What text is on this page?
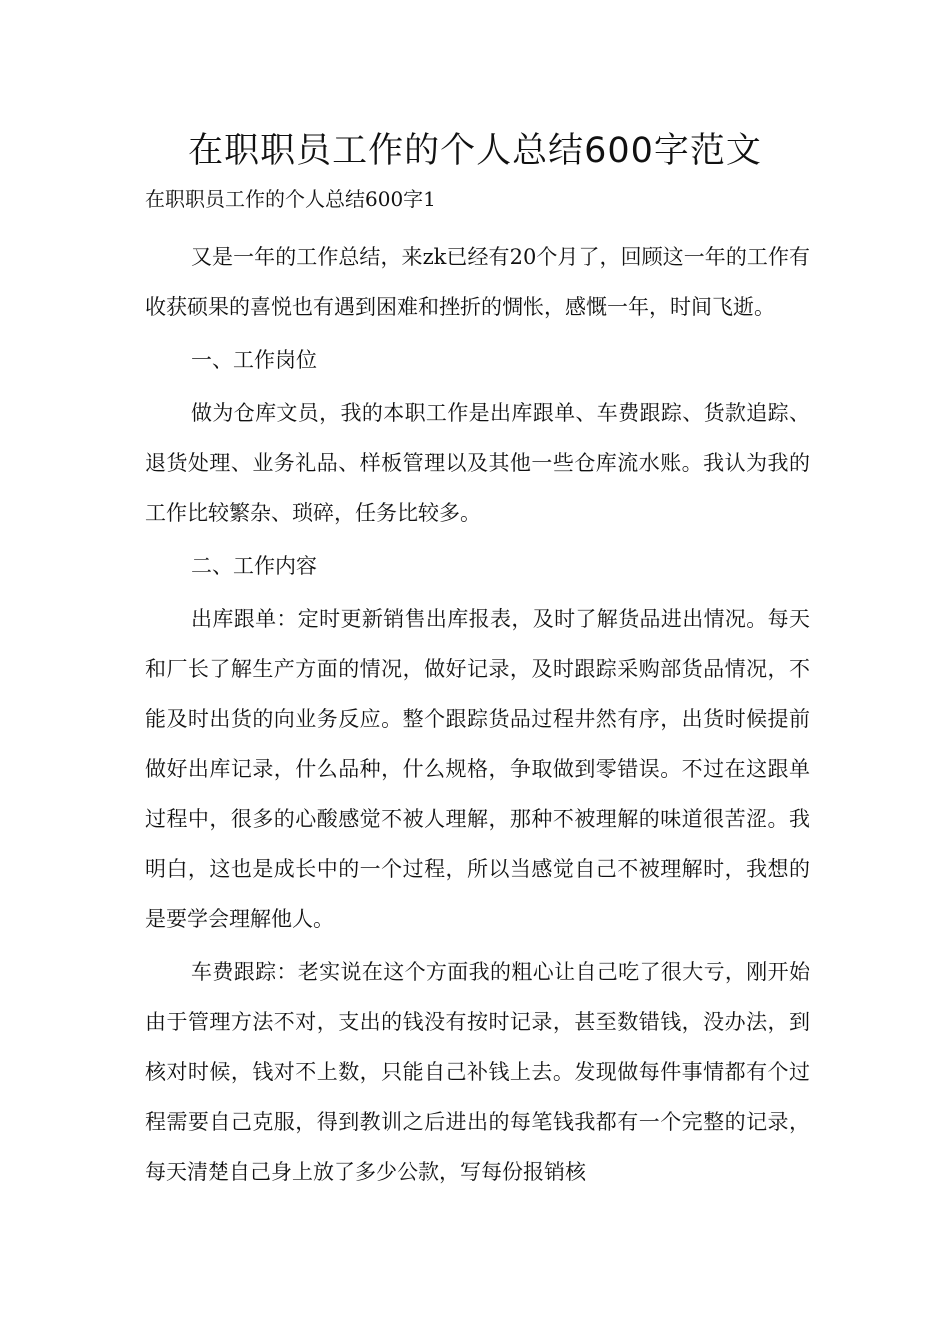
在职职员工作的个人总结600字范文

在职职员工作的个人总结600字1

又是一年的工作总结，来zk已经有20个月了，回顾这一年的工作有收获硕果的喜悦也有遇到困难和挫折的惆怅，感慨一年，时间飞逝。

一、工作岗位

做为仓库文员，我的本职工作是出库跟单、车费跟踪、货款追踪、退货处理、业务礼品、样板管理以及其他一些仓库流水账。我认为我的工作比较繁杂、琐碎，任务比较多。

二、工作内容

出库跟单：定时更新销售出库报表，及时了解货品进出情况。每天和厂长了解生产方面的情况，做好记录，及时跟踪采购部货品情况，不能及时出货的向业务反应。整个跟踪货品过程井然有序，出货时候提前做好出库记录，什么品种，什么规格，争取做到零错误。不过在这跟单过程中，很多的心酸感觉不被人理解，那种不被理解的味道很苦涩。我明白，这也是成长中的一个过程，所以当感觉自己不被理解时，我想的是要学会理解他人。

车费跟踪：老实说在这个方面我的粗心让自己吃了很大亏，刚开始由于管理方法不对，支出的钱没有按时记录，甚至数错钱，没办法，到核对时候，钱对不上数，只能自己补钱上去。发现做每件事情都有个过程需要自己克服，得到教训之后进出的每笔钱我都有一个完整的记录，每天清楚自己身上放了多少公款，写每份报销核
